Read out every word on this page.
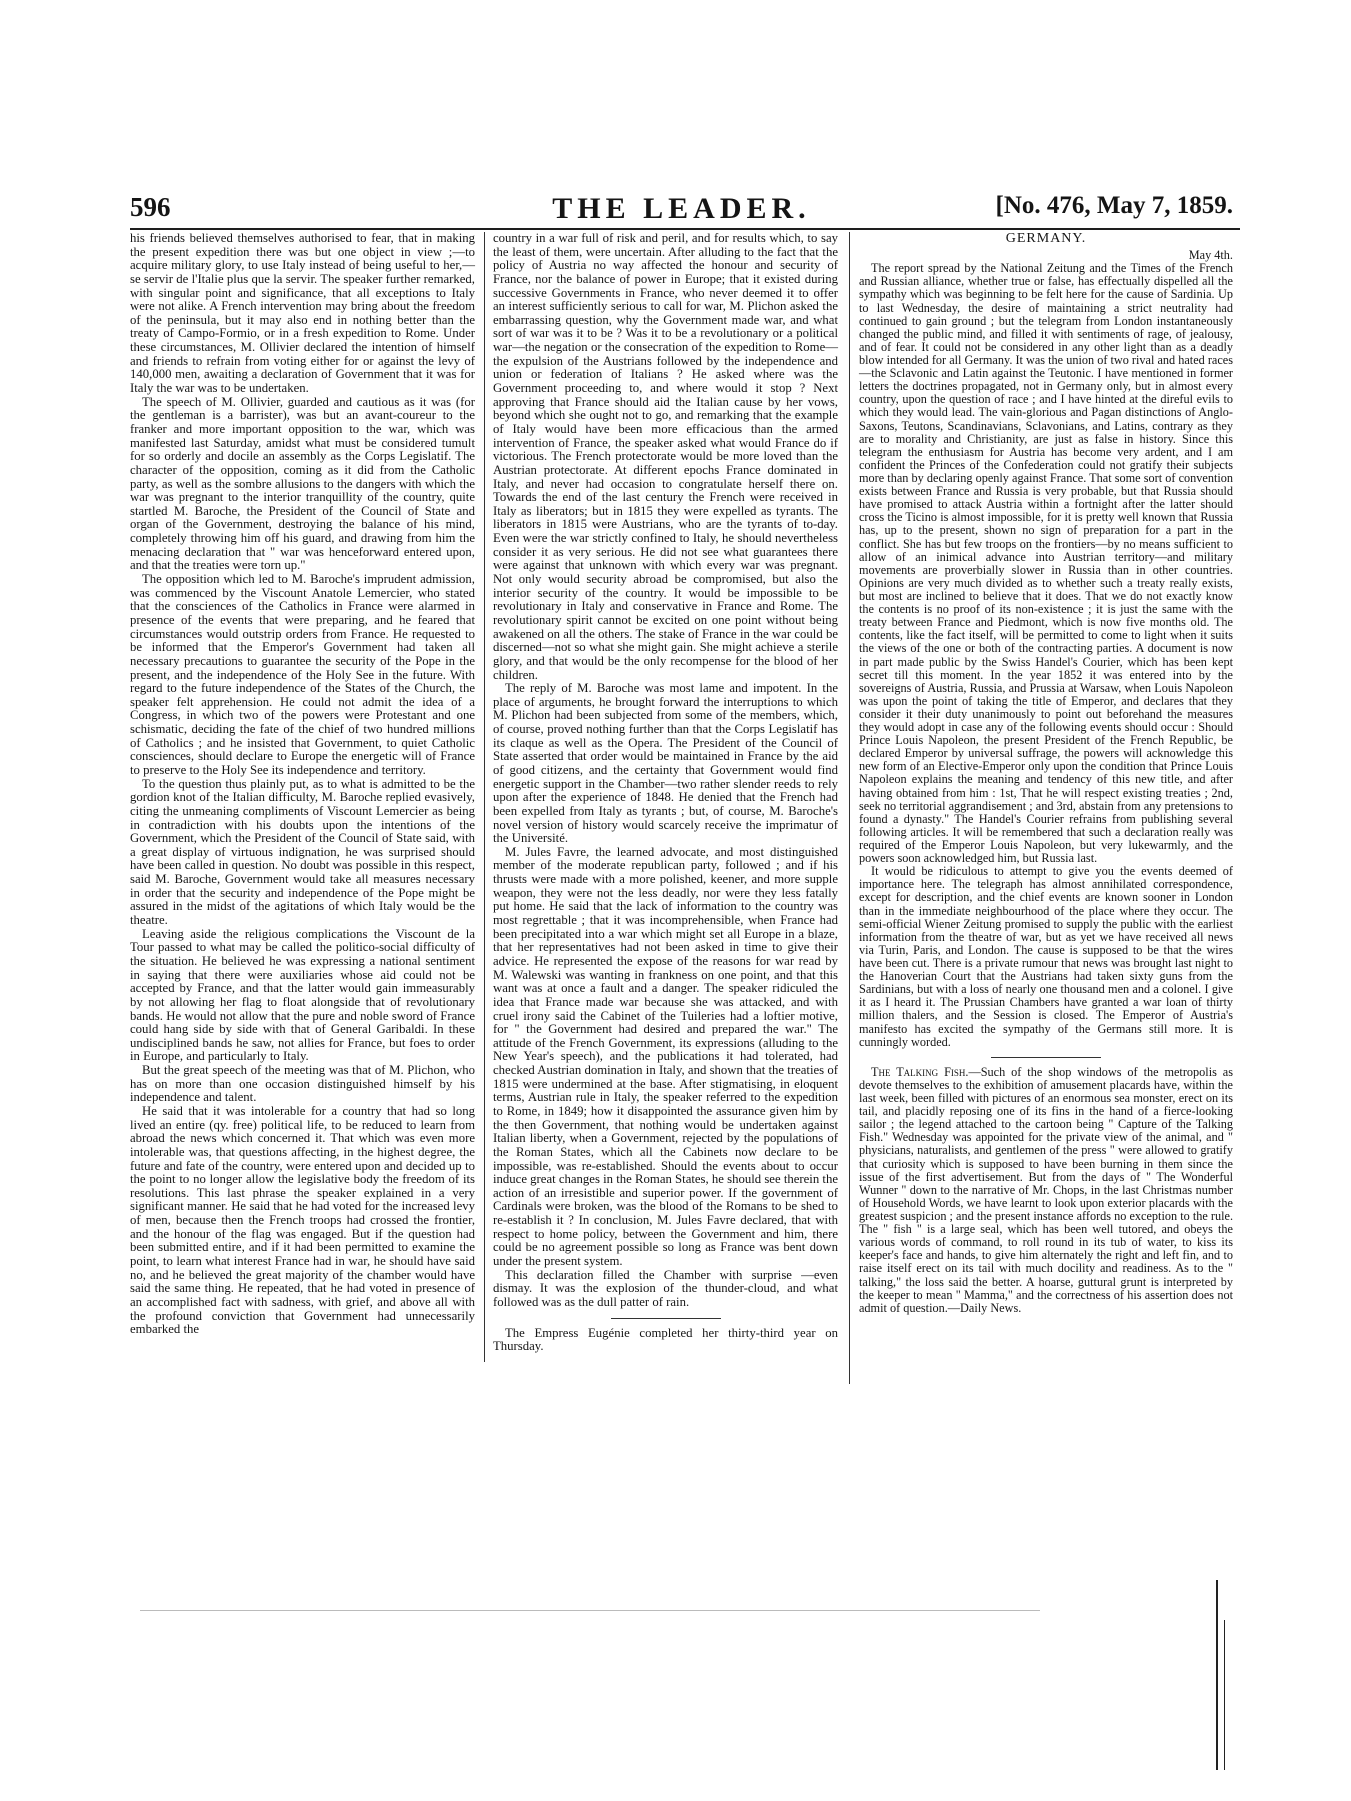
596	THE LEADER.	[No. 476, May 7, 1859.

his friends believed themselves authorised to fear, that in making the present expedition there was but one object in view ;—to acquire military glory, to use Italy instead of being useful to her,—se servir de l'Italie plus que la servir. The speaker further remarked, with singular point and significance, that all exceptions to Italy were not alike. A French intervention may bring about the freedom of the peninsula, but it may also end in nothing better than the treaty of Campo-Formio, or in a fresh expedition to Rome. Under these circumstances, M. Ollivier declared the intention of himself and friends to refrain from voting either for or against the levy of 140,000 men, awaiting a declaration of Government that it was for Italy the war was to be undertaken.

The speech of M. Ollivier, guarded and cautious as it was (for the gentleman is a barrister), was but an avant-coureur to the franker and more important opposition to the war, which was manifested last Saturday, amidst what must be considered tumult for so orderly and docile an assembly as the Corps Legislatif. The character of the opposition, coming as it did from the Catholic party, as well as the sombre allusions to the dangers with which the war was pregnant to the interior tranquillity of the country, quite startled M. Baroche, the President of the Council of State and organ of the Government, destroying the balance of his mind, completely throwing him off his guard, and drawing from him the menacing declaration that " war was henceforward entered upon, and that the treaties were torn up."

The opposition which led to M. Baroche's imprudent admission, was commenced by the Viscount Anatole Lemercier, who stated that the consciences of the Catholics in France were alarmed in presence of the events that were preparing, and he feared that circumstances would outstrip orders from France. He requested to be informed that the Emperor's Government had taken all necessary precautions to guarantee the security of the Pope in the present, and the independence of the Holy See in the future. With regard to the future independence of the States of the Church, the speaker felt apprehension. He could not admit the idea of a Congress, in which two of the powers were Protestant and one schismatic, deciding the fate of the chief of two hundred millions of Catholics ; and he insisted that Government, to quiet Catholic consciences, should declare to Europe the energetic will of France to preserve to the Holy See its independence and territory.

To the question thus plainly put, as to what is admitted to be the gordion knot of the Italian difficulty, M. Baroche replied evasively, citing the unmeaning compliments of Viscount Lemercier as being in contradiction with his doubts upon the intentions of the Government, which the President of the Council of State said, with a great display of virtuous indignation, he was surprised should have been called in question. No doubt was possible in this respect, said M. Baroche, Government would take all measures necessary in order that the security and independence of the Pope might be assured in the midst of the agitations of which Italy would be the theatre.

Leaving aside the religious complications the Viscount de la Tour passed to what may be called the politico-social difficulty of the situation. He believed he was expressing a national sentiment in saying that there were auxiliaries whose aid could not be accepted by France, and that the latter would gain immeasurably by not allowing her flag to float alongside that of revolutionary bands. He would not allow that the pure and noble sword of France could hang side by side with that of General Garibaldi. In these undisciplined bands he saw, not allies for France, but foes to order in Europe, and particularly to Italy.

But the great speech of the meeting was that of M. Plichon, who has on more than one occasion distinguished himself by his independence and talent.

He said that it was intolerable for a country that had so long lived an entire (qy. free) political life, to be reduced to learn from abroad the news which concerned it. That which was even more intolerable was, that questions affecting, in the highest degree, the future and fate of the country, were entered upon and decided up to the point to no longer allow the legislative body the freedom of its resolutions. This last phrase the speaker explained in a very significant manner. He said that he had voted for the increased levy of men, because then the French troops had crossed the frontier, and the honour of the flag was engaged. But if the question had been submitted entire, and if it had been permitted to examine the point, to learn what interest France had in war, he should have said no, and he believed the great majority of the chamber would have said the same thing. He repeated, that he had voted in presence of an accomplished fact with sadness, with grief, and above all with the profound conviction that Government had unnecessarily embarked the

country in a war full of risk and peril, and for results which, to say the least of them, were uncertain. After alluding to the fact that the policy of Austria no way affected the honour and security of France, nor the balance of power in Europe; that it existed during successive Governments in France, who never deemed it to offer an interest sufficiently serious to call for war, M. Plichon asked the embarrassing question, why the Government made war, and what sort of war was it to be ? Was it to be a revolutionary or a political war—the negation or the consecration of the expedition to Rome—the expulsion of the Austrians followed by the independence and union or federation of Italians ? He asked where was the Government proceeding to, and where would it stop ? Next approving that France should aid the Italian cause by her vows, beyond which she ought not to go, and remarking that the example of Italy would have been more efficacious than the armed intervention of France, the speaker asked what would France do if victorious. The French protectorate would be more loved than the Austrian protectorate. At different epochs France dominated in Italy, and never had occasion to congratulate herself there on. Towards the end of the last century the French were received in Italy as liberators; but in 1815 they were expelled as tyrants. The liberators in 1815 were Austrians, who are the tyrants of to-day. Even were the war strictly confined to Italy, he should nevertheless consider it as very serious. He did not see what guarantees there were against that unknown with which every war was pregnant. Not only would security abroad be compromised, but also the interior security of the country. It would be impossible to be revolutionary in Italy and conservative in France and Rome. The revolutionary spirit cannot be excited on one point without being awakened on all the others. The stake of France in the war could be discerned—not so what she might gain. She might achieve a sterile glory, and that would be the only recompense for the blood of her children.

The reply of M. Baroche was most lame and impotent. In the place of arguments, he brought forward the interruptions to which M. Plichon had been subjected from some of the members, which, of course, proved nothing further than that the Corps Legislatif has its claque as well as the Opera. The President of the Council of State asserted that order would be maintained in France by the aid of good citizens, and the certainty that Government would find energetic support in the Chamber—two rather slender reeds to rely upon after the experience of 1848. He denied that the French had been expelled from Italy as tyrants ; but, of course, M. Baroche's novel version of history would scarcely receive the imprimatur of the Université.

M. Jules Favre, the learned advocate, and most distinguished member of the moderate republican party, followed ; and if his thrusts were made with a more polished, keener, and more supple weapon, they were not the less deadly, nor were they less fatally put home. He said that the lack of information to the country was most regrettable ; that it was incomprehensible, when France had been precipitated into a war which might set all Europe in a blaze, that her representatives had not been asked in time to give their advice. He represented the expose of the reasons for war read by M. Walewski was wanting in frankness on one point, and that this want was at once a fault and a danger. The speaker ridiculed the idea that France made war because she was attacked, and with cruel irony said the Cabinet of the Tuileries had a loftier motive, for " the Government had desired and prepared the war." The attitude of the French Government, its expressions (alluding to the New Year's speech), and the publications it had tolerated, had checked Austrian domination in Italy, and shown that the treaties of 1815 were undermined at the base. After stigmatising, in eloquent terms, Austrian rule in Italy, the speaker referred to the expedition to Rome, in 1849; how it disappointed the assurance given him by the then Government, that nothing would be undertaken against Italian liberty, when a Government, rejected by the populations of the Roman States, which all the Cabinets now declare to be impossible, was re-established. Should the events about to occur induce great changes in the Roman States, he should see therein the action of an irresistible and superior power. If the government of Cardinals were broken, was the blood of the Romans to be shed to re-establish it ? In conclusion, M. Jules Favre declared, that with respect to home policy, between the Government and him, there could be no agreement possible so long as France was bent down under the present system.

This declaration filled the Chamber with surprise —even dismay. It was the explosion of the thunder-cloud, and what followed was as the dull patter of rain.

The Empress Eugénie completed her thirty-third year on Thursday.

GERMANY.

May 4th.

The report spread by the National Zeitung and the Times of the French and Russian alliance, whether true or false, has effectually dispelled all the sympathy which was beginning to be felt here for the cause of Sardinia. Up to last Wednesday, the desire of maintaining a strict neutrality had continued to gain ground ; but the telegram from London instantaneously changed the public mind, and filled it with sentiments of rage, of jealousy, and of fear. It could not be considered in any other light than as a deadly blow intended for all Germany. It was the union of two rival and hated races—the Sclavonic and Latin against the Teutonic. I have mentioned in former letters the doctrines propagated, not in Germany only, but in almost every country, upon the question of race ; and I have hinted at the direful evils to which they would lead. The vain-glorious and Pagan distinctions of Anglo-Saxons, Teutons, Scandinavians, Sclavonians, and Latins, contrary as they are to morality and Christianity, are just as false in history. Since this telegram the enthusiasm for Austria has become very ardent, and I am confident the Princes of the Confederation could not gratify their subjects more than by declaring openly against France. That some sort of convention exists between France and Russia is very probable, but that Russia should have promised to attack Austria within a fortnight after the latter should cross the Ticino is almost impossible, for it is pretty well known that Russia has, up to the present, shown no sign of preparation for a part in the conflict. She has but few troops on the frontiers—by no means sufficient to allow of an inimical advance into Austrian territory—and military movements are proverbially slower in Russia than in other countries. Opinions are very much divided as to whether such a treaty really exists, but most are inclined to believe that it does. That we do not exactly know the contents is no proof of its non-existence ; it is just the same with the treaty between France and Piedmont, which is now five months old. The contents, like the fact itself, will be permitted to come to light when it suits the views of the one or both of the contracting parties. A document is now in part made public by the Swiss Handel's Courier, which has been kept secret till this moment. In the year 1852 it was entered into by the sovereigns of Austria, Russia, and Prussia at Warsaw, when Louis Napoleon was upon the point of taking the title of Emperor, and declares that they consider it their duty unanimously to point out beforehand the measures they would adopt in case any of the following events should occur : Should Prince Louis Napoleon, the present President of the French Republic, be declared Emperor by universal suffrage, the powers will acknowledge this new form of an Elective-Emperor only upon the condition that Prince Louis Napoleon explains the meaning and tendency of this new title, and after having obtained from him : 1st, That he will respect existing treaties ; 2nd, seek no territorial aggrandisement ; and 3rd, abstain from any pretensions to found a dynasty." The Handel's Courier refrains from publishing several following articles. It will be remembered that such a declaration really was required of the Emperor Louis Napoleon, but very lukewarmly, and the powers soon acknowledged him, but Russia last.

It would be ridiculous to attempt to give you the events deemed of importance here. The telegraph has almost annihilated correspondence, except for description, and the chief events are known sooner in London than in the immediate neighbourhood of the place where they occur. The semi-official Wiener Zeitung promised to supply the public with the earliest information from the theatre of war, but as yet we have received all news via Turin, Paris, and London. The cause is supposed to be that the wires have been cut. There is a private rumour that news was brought last night to the Hanoverian Court that the Austrians had taken sixty guns from the Sardinians, but with a loss of nearly one thousand men and a colonel. I give it as I heard it. The Prussian Chambers have granted a war loan of thirty million thalers, and the Session is closed. The Emperor of Austria's manifesto has excited the sympathy of the Germans still more. It is cunningly worded.

The Talking Fish.—Such of the shop windows of the metropolis as devote themselves to the exhibition of amusement placards have, within the last week, been filled with pictures of an enormous sea monster, erect on its tail, and placidly reposing one of its fins in the hand of a fierce-looking sailor ; the legend attached to the cartoon being " Capture of the Talking Fish." Wednesday was appointed for the private view of the animal, and " physicians, naturalists, and gentlemen of the press " were allowed to gratify that curiosity which is supposed to have been burning in them since the issue of the first advertisement. But from the days of " The Wonderful Wunner " down to the narrative of Mr. Chops, in the last Christmas number of Household Words, we have learnt to look upon exterior placards with the greatest suspicion ; and the present instance affords no exception to the rule. The " fish " is a large seal, which has been well tutored, and obeys the various words of command, to roll round in its tub of water, to kiss its keeper's face and hands, to give him alternately the right and left fin, and to raise itself erect on its tail with much docility and readiness. As to the " talking," the loss said the better. A hoarse, guttural grunt is interpreted by the keeper to mean " Mamma," and the correctness of his assertion does not admit of question.—Daily News.
